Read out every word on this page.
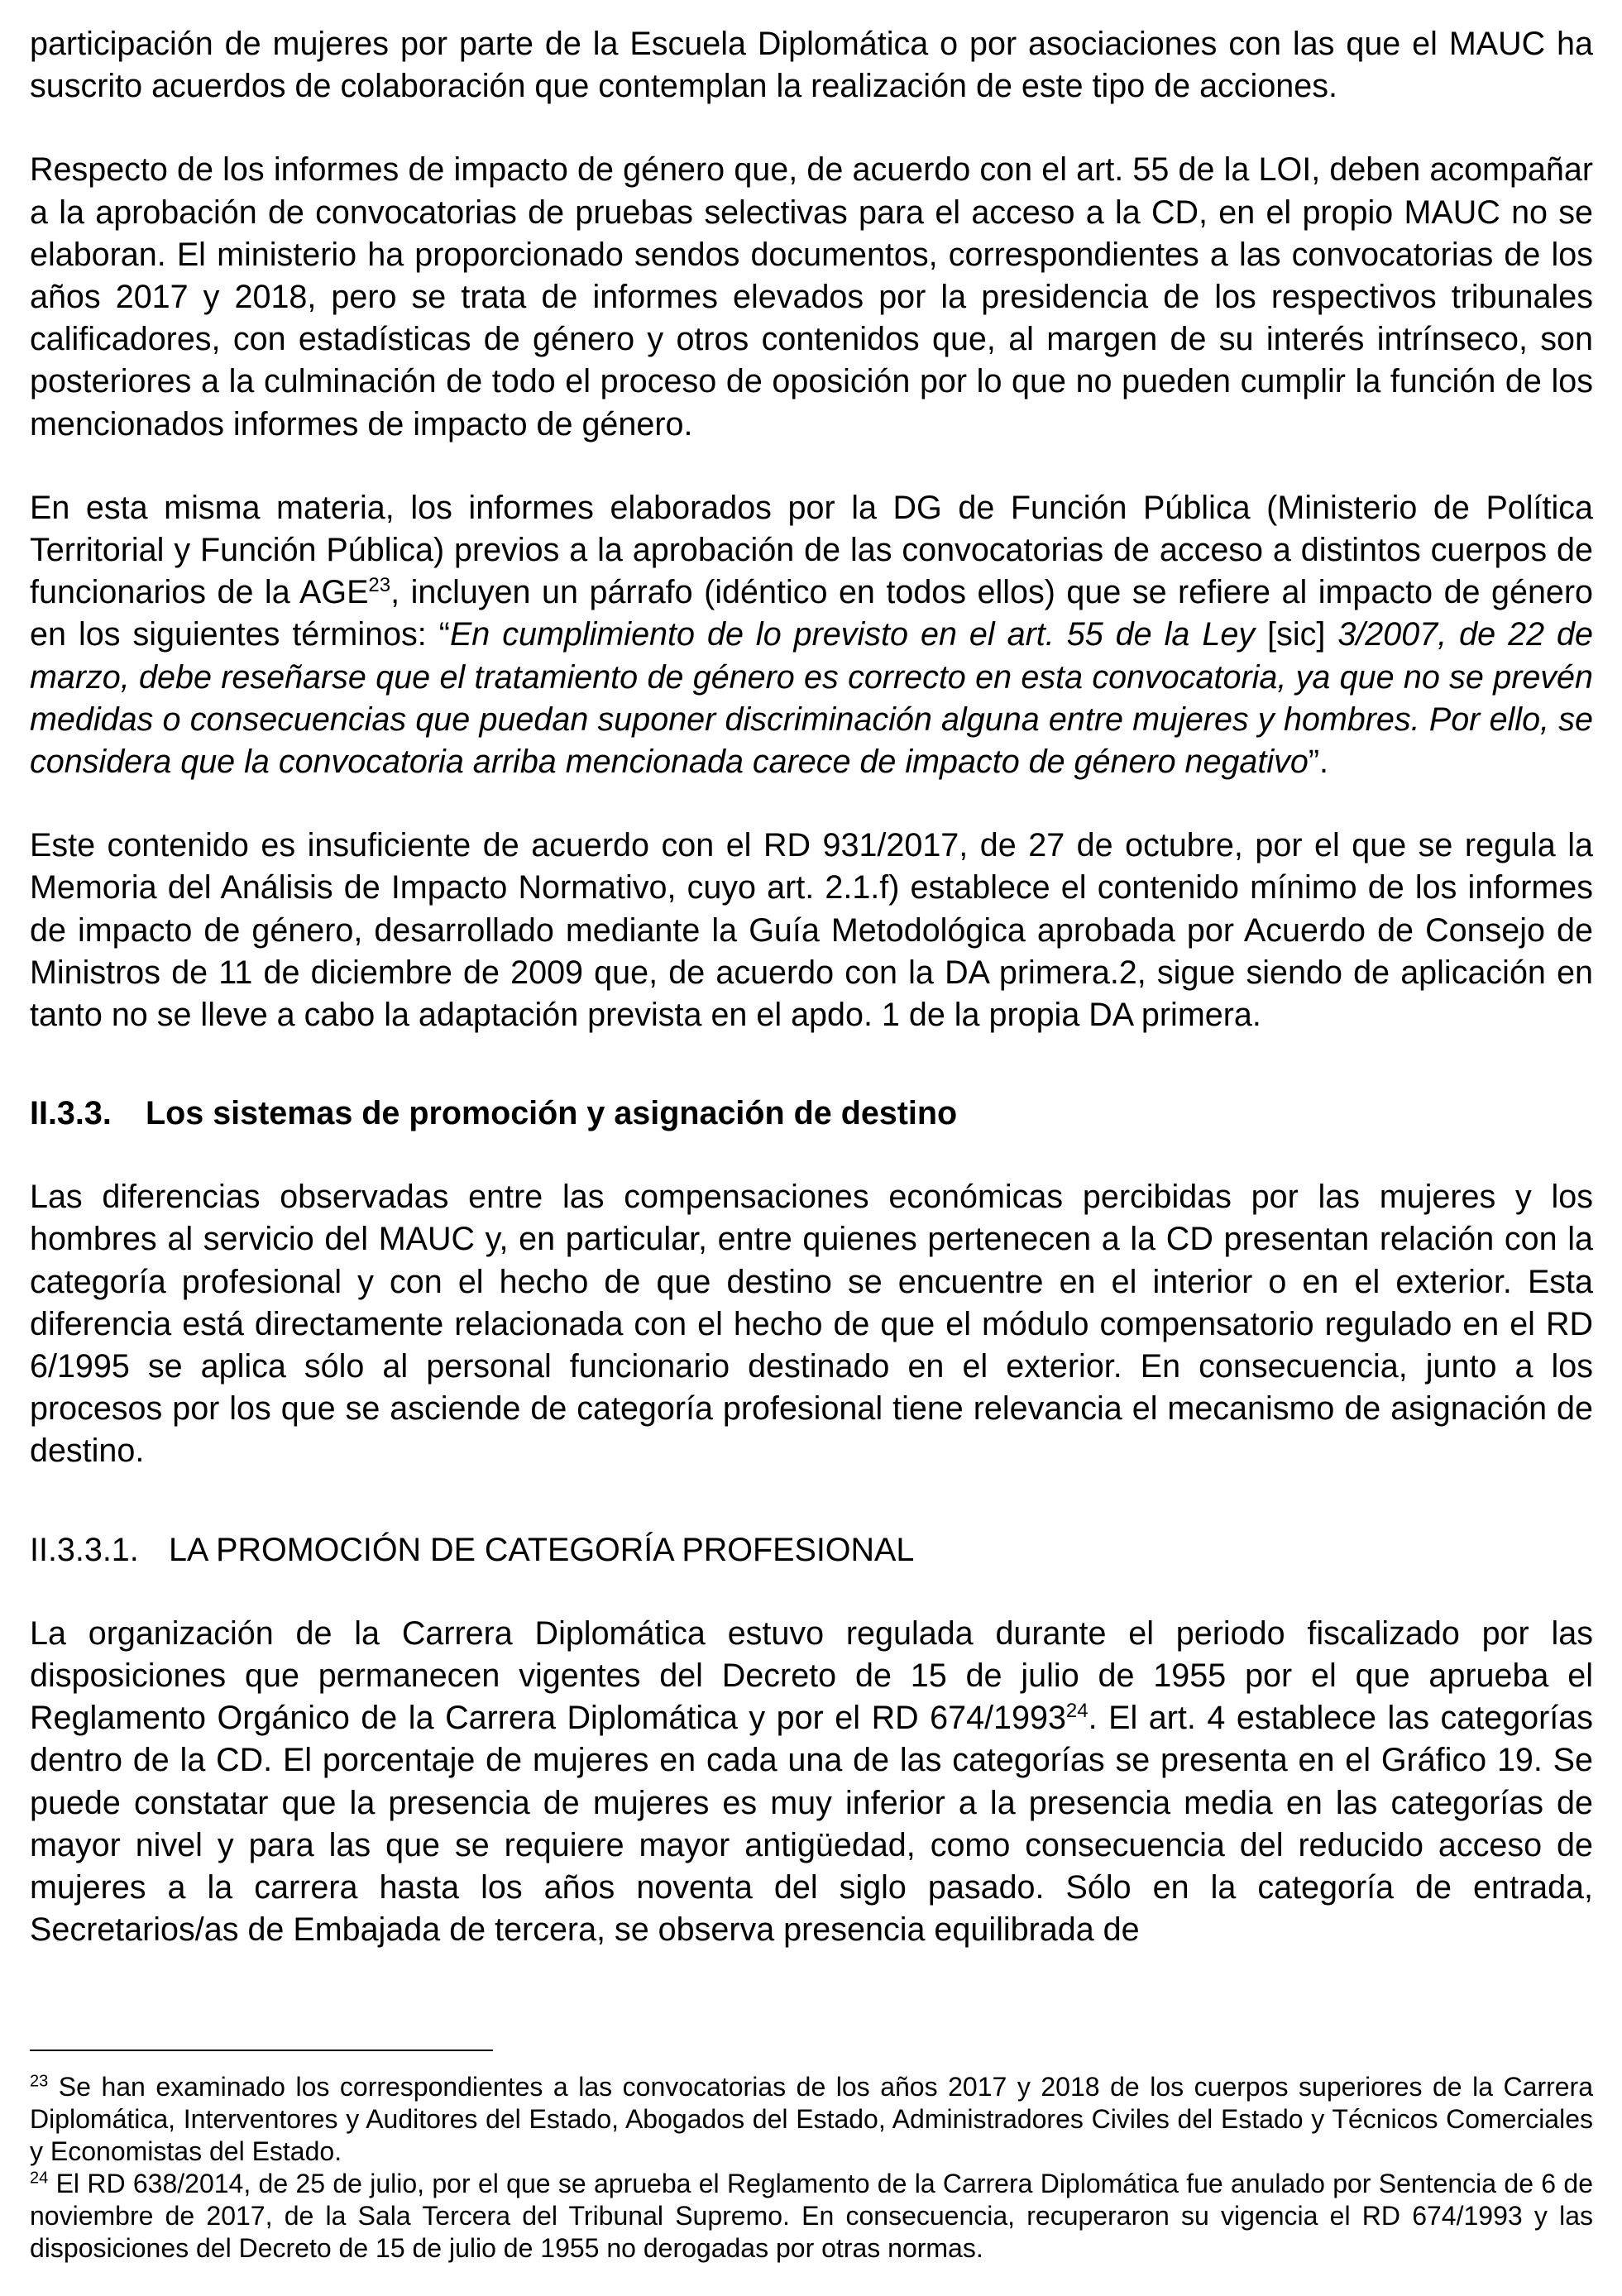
participación de mujeres por parte de la Escuela Diplomática o por asociaciones con las que el MAUC ha suscrito acuerdos de colaboración que contemplan la realización de este tipo de acciones.

Respecto de los informes de impacto de género que, de acuerdo con el art. 55 de la LOI, deben acompañar a la aprobación de convocatorias de pruebas selectivas para el acceso a la CD, en el propio MAUC no se elaboran. El ministerio ha proporcionado sendos documentos, correspondientes a las convocatorias de los años 2017 y 2018, pero se trata de informes elevados por la presidencia de los respectivos tribunales calificadores, con estadísticas de género y otros contenidos que, al margen de su interés intrínseco, son posteriores a la culminación de todo el proceso de oposición por lo que no pueden cumplir la función de los mencionados informes de impacto de género.

En esta misma materia, los informes elaborados por la DG de Función Pública (Ministerio de Política Territorial y Función Pública) previos a la aprobación de las convocatorias de acceso a distintos cuerpos de funcionarios de la AGE$^{23}$, incluyen un párrafo (idéntico en todos ellos) que se refiere al impacto de género en los siguientes términos: “En cumplimiento de lo previsto en el art. 55 de la Ley [sic] 3/2007, de 22 de marzo, debe reseñarse que el tratamiento de género es correcto en esta convocatoria, ya que no se prevén medidas o consecuencias que puedan suponer discriminación alguna entre mujeres y hombres. Por ello, se considera que la convocatoria arriba mencionada carece de impacto de género negativo”.

Este contenido es insuficiente de acuerdo con el RD 931/2017, de 27 de octubre, por el que se regula la Memoria del Análisis de Impacto Normativo, cuyo art. 2.1.f) establece el contenido mínimo de los informes de impacto de género, desarrollado mediante la Guía Metodológica aprobada por Acuerdo de Consejo de Ministros de 11 de diciembre de 2009 que, de acuerdo con la DA primera.2, sigue siendo de aplicación en tanto no se lleve a cabo la adaptación prevista en el apdo. 1 de la propia DA primera.

II.3.3.	Los sistemas de promoción y asignación de destino

Las diferencias observadas entre las compensaciones económicas percibidas por las mujeres y los hombres al servicio del MAUC y, en particular, entre quienes pertenecen a la CD presentan relación con la categoría profesional y con el hecho de que destino se encuentre en el interior o en el exterior. Esta diferencia está directamente relacionada con el hecho de que el módulo compensatorio regulado en el RD 6/1995 se aplica sólo al personal funcionario destinado en el exterior. En consecuencia, junto a los procesos por los que se asciende de categoría profesional tiene relevancia el mecanismo de asignación de destino.

II.3.3.1. LA PROMOCIÓN DE CATEGORÍA PROFESIONAL

La organización de la Carrera Diplomática estuvo regulada durante el periodo fiscalizado por las disposiciones que permanecen vigentes del Decreto de 15 de julio de 1955 por el que aprueba el Reglamento Orgánico de la Carrera Diplomática y por el RD 674/1993$^{24}$. El art. 4 establece las categorías dentro de la CD. El porcentaje de mujeres en cada una de las categorías se presenta en el Gráfico 19. Se puede constatar que la presencia de mujeres es muy inferior a la presencia media en las categorías de mayor nivel y para las que se requiere mayor antigüedad, como consecuencia del reducido acceso de mujeres a la carrera hasta los años noventa del siglo pasado. Sólo en la categoría de entrada, Secretarios/as de Embajada de tercera, se observa presencia equilibrada de

$^{23}$ Se han examinado los correspondientes a las convocatorias de los años 2017 y 2018 de los cuerpos superiores de la Carrera Diplomática, Interventores y Auditores del Estado, Abogados del Estado, Administradores Civiles del Estado y Técnicos Comerciales y Economistas del Estado.

$^{24}$ El RD 638/2014, de 25 de julio, por el que se aprueba el Reglamento de la Carrera Diplomática fue anulado por Sentencia de 6 de noviembre de 2017, de la Sala Tercera del Tribunal Supremo. En consecuencia, recuperaron su vigencia el RD 674/1993 y las disposiciones del Decreto de 15 de julio de 1955 no derogadas por otras normas.
